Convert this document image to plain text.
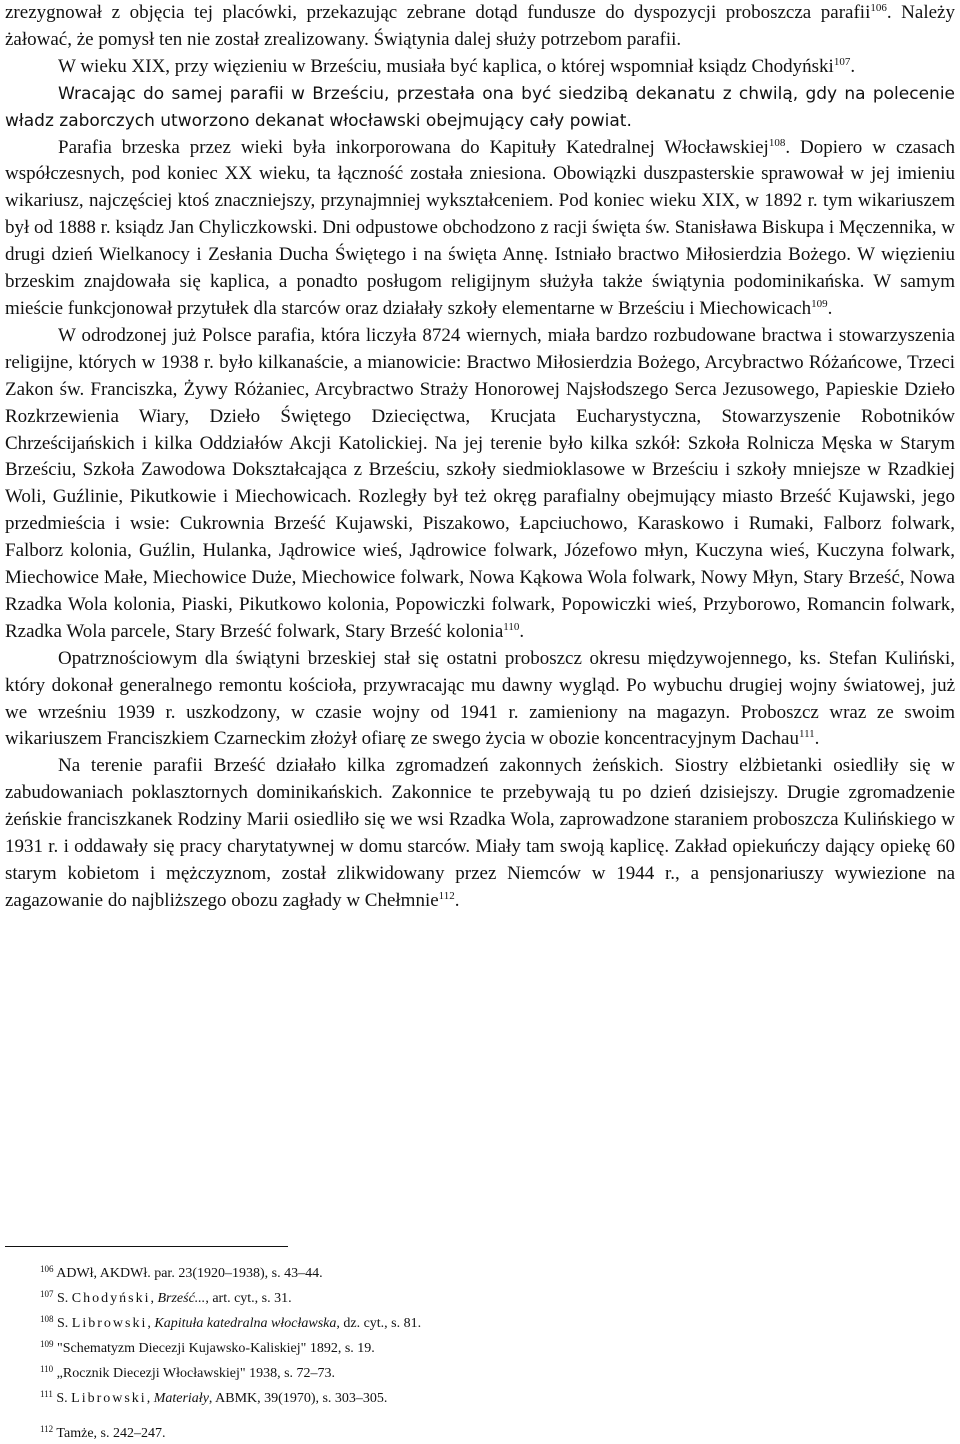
zrezygnował z objęcia tej placówki, przekazując zebrane dotąd fundusze do dyspozycji proboszcza parafii$^{106}$. Należy żałować, że pomysł ten nie został zrealizowany. Świątynia dalej służy potrzebom parafii.

W wieku XIX, przy więzieniu w Brześciu, musiała być kaplica, o której wspomniał ksiądz Chodyński$^{107}$.

Wracając do samej parafii w Brześciu, przestała ona być siedzibą dekanatu z chwilą, gdy na polecenie władz zaborczych utworzono dekanat włocławski obejmujący cały powiat.

Parafia brzeska przez wieki była inkorporowana do Kapituły Katedralnej Włocławskiej$^{108}$. Dopiero w czasach współczesnych, pod koniec XX wieku, ta łączność została zniesiona. Obowiązki duszpasterskie sprawował w jej imieniu wikariusz, najczęściej ktoś znaczniejszy, przynajmniej wykształceniem. Pod koniec wieku XIX, w 1892 r. tym wikariuszem był od 1888 r. ksiądz Jan Chyliczkowski. Dni odpustowe obchodzono z racji święta św. Stanisława Biskupa i Męczennika, w drugi dzień Wielkanocy i Zesłania Ducha Świętego i na święta Annę. Istniało bractwo Miłosierdzia Bożego. W więzieniu brzeskim znajdowała się kaplica, a ponadto posługom religijnym służyła także świątynia podominikańska. W samym mieście funkcjonował przytułek dla starców oraz działały szkoły elementarne w Brześciu i Miechowicach$^{109}$.

W odrodzonej już Polsce parafia, która liczyła 8724 wiernych, miała bardzo rozbudowane bractwa i stowarzyszenia religijne, których w 1938 r. było kilkanaście, a mianowicie: Bractwo Miłosierdzia Bożego, Arcybractwo Różańcowe, Trzeci Zakon św. Franciszka, Żywy Różaniec, Arcybractwo Straży Honorowej Najsłodszego Serca Jezusowego, Papieskie Dzieło Rozkrzewienia Wiary, Dzieło Świętego Dziecięctwa, Krucjata Eucharystyczna, Stowarzyszenie Robotników Chrześcijańskich i kilka Oddziałów Akcji Katolickiej. Na jej terenie było kilka szkół: Szkoła Rolnicza Męska w Starym Brześciu, Szkoła Zawodowa Dokształcająca z Brześciu, szkoły siedmioklasowe w Brześciu i szkoły mniejsze w Rzadkiej Woli, Guźlinie, Pikutkowie i Miechowicach. Rozległy był też okręg parafialny obejmujący miasto Brześć Kujawski, jego przedmieścia i wsie: Cukrownia Brześć Kujawski, Piszakowo, Łapciuchowo, Karaskowo i Rumaki, Falborz folwark, Falborz kolonia, Guźlin, Hulanka, Jądrowice wieś, Jądrowice folwark, Józefowo młyn, Kuczyna wieś, Kuczyna folwark, Miechowice Małe, Miechowice Duże, Miechowice folwark, Nowa Kąkowa Wola folwark, Nowy Młyn, Stary Brześć, Nowa Rzadka Wola kolonia, Piaski, Pikutkowo kolonia, Popowiczki folwark, Popowiczki wieś, Przyborowo, Romancin folwark, Rzadka Wola parcele, Stary Brześć folwark, Stary Brześć kolonia$^{110}$.

Opatrznościowym dla świątyni brzeskiej stał się ostatni proboszcz okresu międzywojennego, ks. Stefan Kuliński, który dokonał generalnego remontu kościoła, przywracając mu dawny wygląd. Po wybuchu drugiej wojny światowej, już we wrześniu 1939 r. uszkodzony, w czasie wojny od 1941 r. zamieniony na magazyn. Proboszcz wraz ze swoim wikariuszem Franciszkiem Czarneckim złożył ofiarę ze swego życia w obozie koncentracyjnym Dachau$^{111}$.

Na terenie parafii Brześć działało kilka zgromadzeń zakonnych żeńskich. Siostry elżbietanki osiedliły się w zabudowaniach poklasztornych dominikańskich. Zakonnice te przebywają tu po dzień dzisiejszy. Drugie zgromadzenie żeńskie franciszkanek Rodziny Marii osiedliło się we wsi Rzadka Wola, zaprowadzone staraniem proboszcza Kulińskiego w 1931 r. i oddawały się pracy charytatywnej w domu starców. Miały tam swoją kaplicę. Zakład opiekuńczy dający opiekę 60 starym kobietom i mężczyznom, został zlikwidowany przez Niemców w 1944 r., a pensjonariuszy wywiezione na zagazowanie do najbliższego obozu zagłady w Chełmnie$^{112}$.

$^{106}$ ADWł, AKDWł. par. 23(1920–1938), s. 43–44.

$^{107}$ S. Chodyński, Brześć..., art. cyt., s. 31.

$^{108}$ S. Librowski, Kapituła katedralna włocławska, dz. cyt., s. 81.

$^{109}$ "Schematyzm Diecezji Kujawsko-Kaliskiej" 1892, s. 19.

$^{110}$ „Rocznik Diecezji Włocławskiej" 1938, s. 72–73.

$^{111}$ S. Librowski, Materiały, ABMK, 39(1970), s. 303–305.

$^{112}$ Tamże, s. 242–247.
